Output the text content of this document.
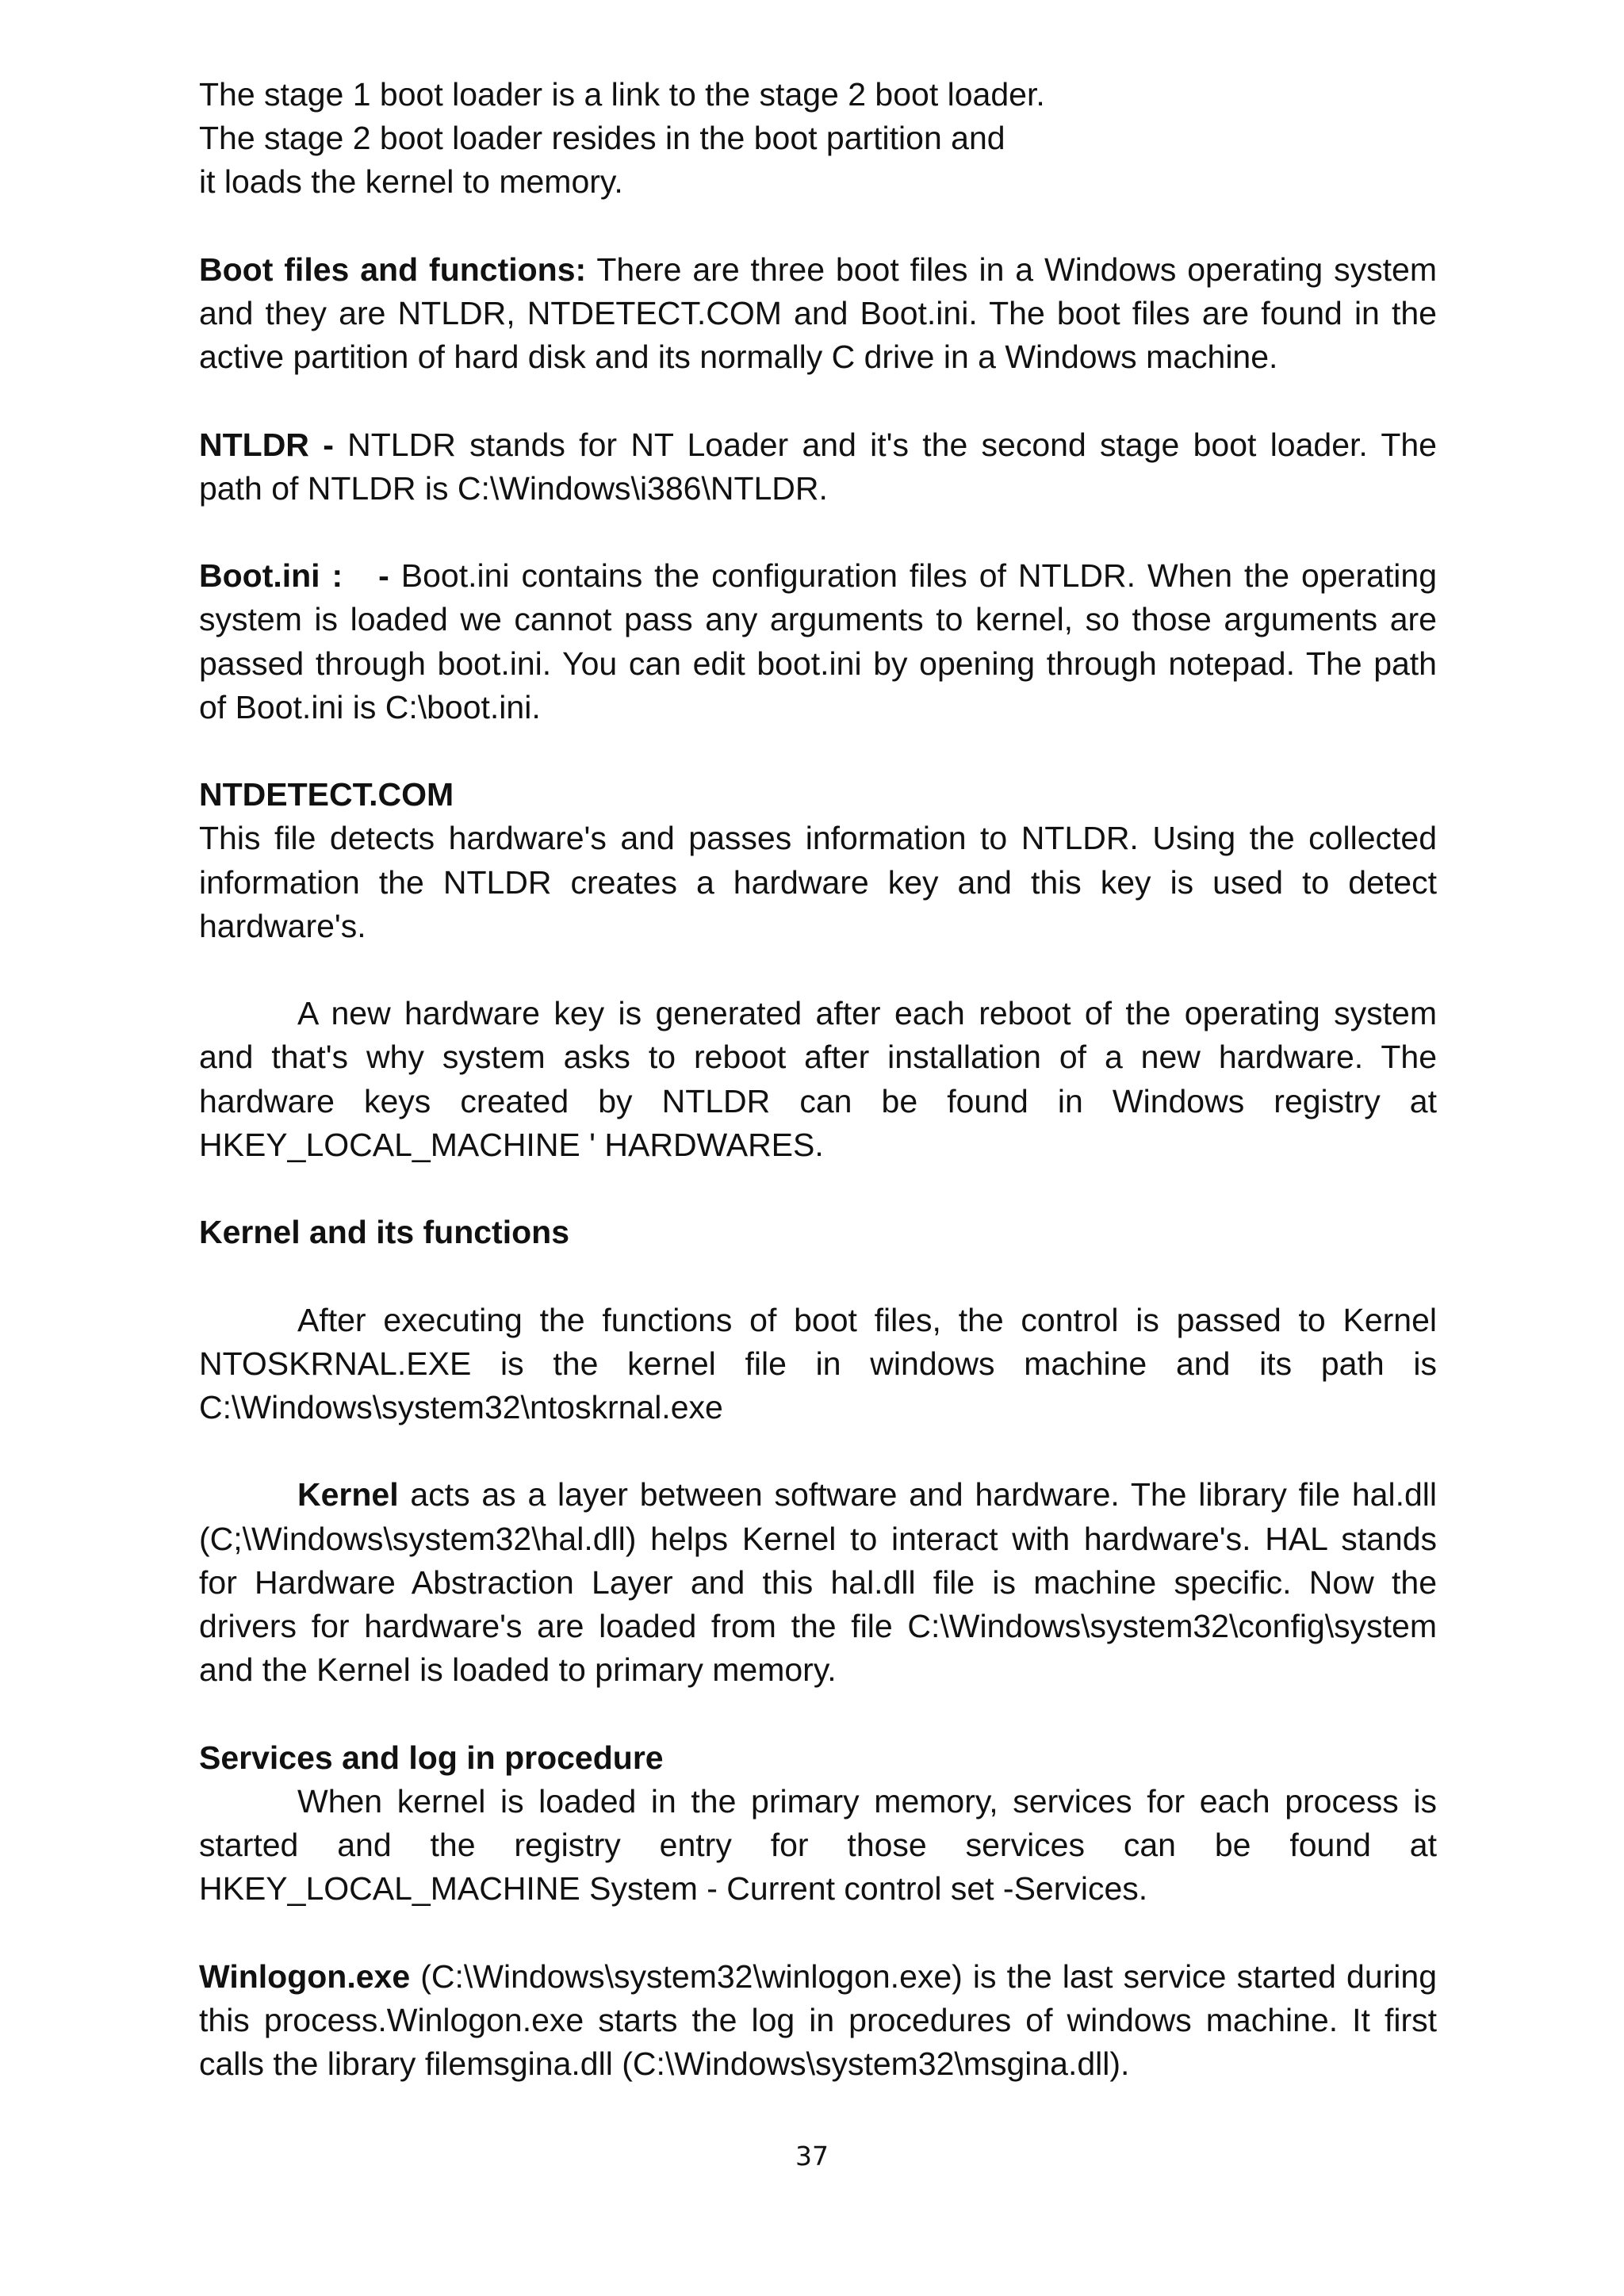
The stage 1 boot loader is a link to the stage 2 boot loader.
The stage 2 boot loader resides in the boot partition and
it loads the kernel to memory.

Boot files and functions: There are three boot files in a Windows operating system and they are NTLDR, NTDETECT.COM and Boot.ini. The boot files are found in the active partition of hard disk and its normally C drive in a Windows machine.

NTLDR - NTLDR stands for NT Loader and it's the second stage boot loader. The path of NTLDR is C:\Windows\i386\NTLDR.

Boot.ini :   - Boot.ini contains the configuration files of NTLDR. When the operating system is loaded we cannot pass any arguments to kernel, so those arguments are passed through boot.ini. You can edit boot.ini by opening through notepad. The path of Boot.ini is C:\boot.ini.

NTDETECT.COM
This file detects hardware's and passes information to NTLDR. Using the collected
information the NTLDR creates a hardware key and this key is used to detect
hardware's.

A new hardware key is generated after each reboot of the operating system
and that's why system asks to reboot after installation of a new hardware. The
hardware keys created by NTLDR can be found in Windows registry at
HKEY_LOCAL_MACHINE ' HARDWARES.

Kernel and its functions

After executing the functions of boot files, the control is passed to Kernel
NTOSKRNAL.EXE is the kernel file in windows machine and its path is
C:\Windows\system32\ntoskrnal.exe

Kernel acts as a layer between software and hardware. The library file hal.dll (C;\Windows\system32\hal.dll) helps Kernel to interact with hardware's. HAL stands for Hardware Abstraction Layer and this hal.dll file is machine specific. Now the drivers for hardware's are loaded from the file C:\Windows\system32\config\system and the Kernel is loaded to primary memory.

Services and log in procedure
When kernel is loaded in the primary memory, services for each process is
started and the registry entry for those services can be found at
HKEY_LOCAL_MACHINE System - Current control set -Services.

Winlogon.exe (C:\Windows\system32\winlogon.exe) is the last service started during this process.Winlogon.exe starts the log in procedures of windows machine. It first calls the library filemsgina.dll (C:\Windows\system32\msgina.dll).

37
